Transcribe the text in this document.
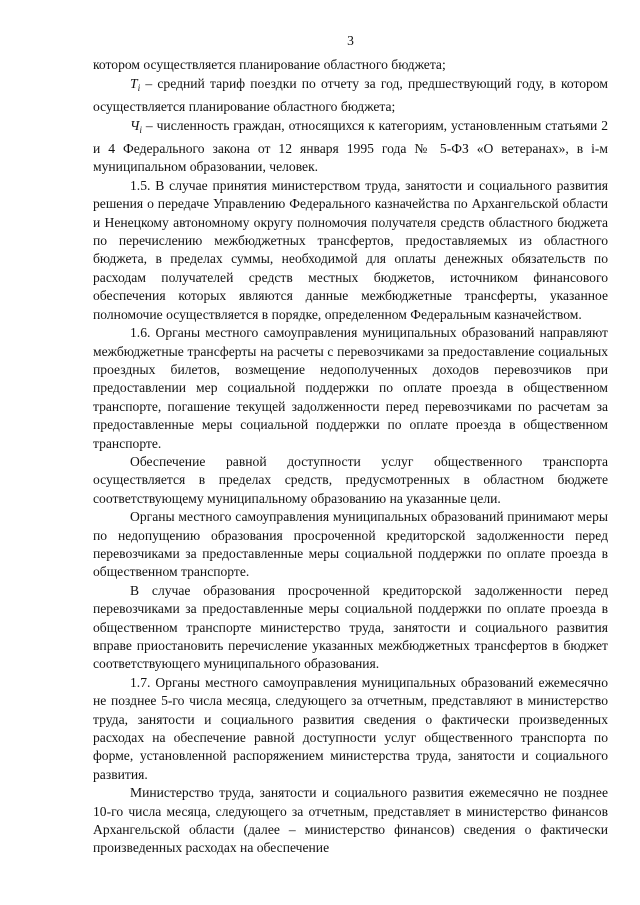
3

котором осуществляется планирование областного бюджета;

$T_i$ – средний тариф поездки по отчету за год, предшествующий году, в котором осуществляется планирование областного бюджета;

$Ч_i$ – численность граждан, относящихся к категориям, установленным статьями 2 и 4 Федерального закона от 12 января 1995 года № 5-ФЗ «О ветеранах», в i-м муниципальном образовании, человек.

1.5. В случае принятия министерством труда, занятости и социального развития решения о передаче Управлению Федерального казначейства по Архангельской области и Ненецкому автономному округу полномочия получателя средств областного бюджета по перечислению межбюджетных трансфертов, предоставляемых из областного бюджета, в пределах суммы, необходимой для оплаты денежных обязательств по расходам получателей средств местных бюджетов, источником финансового обеспечения которых являются данные межбюджетные трансферты, указанное полномочие осуществляется в порядке, определенном Федеральным казначейством.

1.6. Органы местного самоуправления муниципальных образований направляют межбюджетные трансферты на расчеты с перевозчиками за предоставление социальных проездных билетов, возмещение недополученных доходов перевозчиков при предоставлении мер социальной поддержки по оплате проезда в общественном транспорте, погашение текущей задолженности перед перевозчиками по расчетам за предоставленные меры социальной поддержки по оплате проезда в общественном транспорте.

Обеспечение равной доступности услуг общественного транспорта осуществляется в пределах средств, предусмотренных в областном бюджете соответствующему муниципальному образованию на указанные цели.

Органы местного самоуправления муниципальных образований принимают меры по недопущению образования просроченной кредиторской задолженности перед перевозчиками за предоставленные меры социальной поддержки по оплате проезда в общественном транспорте.

В случае образования просроченной кредиторской задолженности перед перевозчиками за предоставленные меры социальной поддержки по оплате проезда в общественном транспорте министерство труда, занятости и социального развития вправе приостановить перечисление указанных межбюджетных трансфертов в бюджет соответствующего муниципального образования.

1.7. Органы местного самоуправления муниципальных образований ежемесячно не позднее 5-го числа месяца, следующего за отчетным, представляют в министерство труда, занятости и социального развития сведения о фактически произведенных расходах на обеспечение равной доступности услуг общественного транспорта по форме, установленной распоряжением министерства труда, занятости и социального развития.

Министерство труда, занятости и социального развития ежемесячно не позднее 10-го числа месяца, следующего за отчетным, представляет в министерство финансов Архангельской области (далее – министерство финансов) сведения о фактически произведенных расходах на обеспечение
